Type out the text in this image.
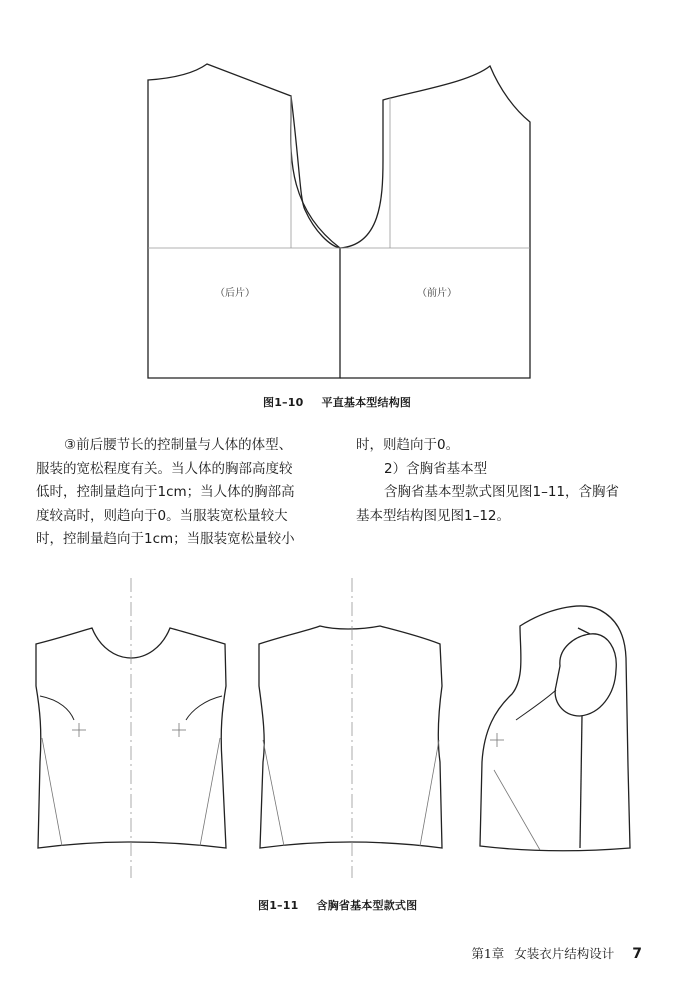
（后片）	（前片）
图1–10 平直基本型结构图

③前后腰节长的控制量与人体的体型、

服装的宽松程度有关。当人体的胸部高度较

低时，控制量趋向于1cm；当人体的胸部高

度较高时，则趋向于0。当服装宽松量较大

时，控制量趋向于1cm；当服装宽松量较小

时，则趋向于0。

2）含胸省基本型

含胸省基本型款式图见图1–11，含胸省

基本型结构图见图1–12。

图1–11 含胸省基本型款式图
第1章 女装衣片结构设计 7
